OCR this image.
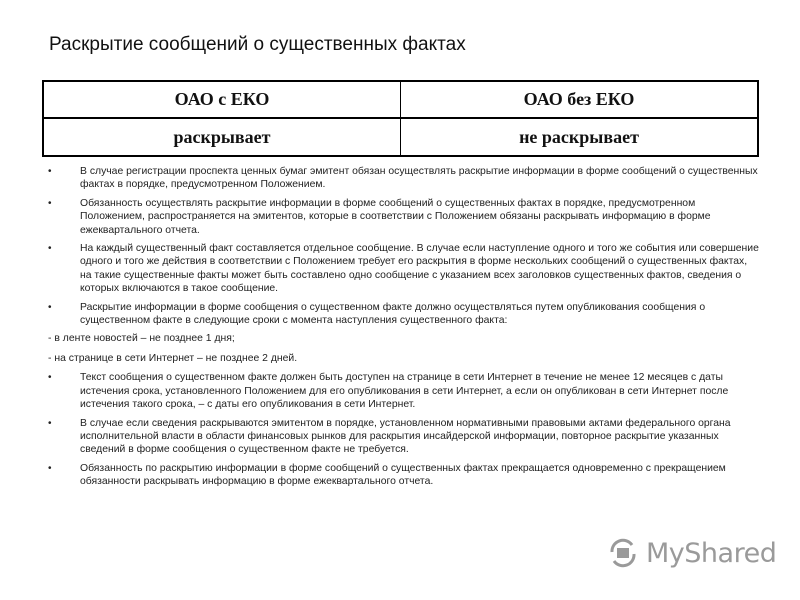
Раскрытие сообщений о существенных фактах
ОАО с ЕКО	ОАО без ЕКО
раскрывает	не раскрывает
•	В случае регистрации проспекта ценных бумаг эмитент обязан осуществлять раскрытие информации в форме сообщений о существенных фактах в порядке, предусмотренном Положением.
•	Обязанность осуществлять раскрытие информации в форме сообщений о существенных фактах в порядке, предусмотренном Положением, распространяется на эмитентов, которые в соответствии с Положением обязаны раскрывать информацию в форме ежеквартального отчета.
•	На каждый существенный факт составляется отдельное сообщение. В случае если наступление одного и того же события или совершение одного и того же действия в соответствии с Положением требует его раскрытия в форме нескольких сообщений о существенных фактах, на такие существенные факты может быть составлено одно сообщение с указанием всех заголовков существенных фактов, сведения о которых включаются в такое сообщение.
•	Раскрытие информации в форме сообщения о существенном факте должно осуществляться путем опубликования сообщения о существенном факте в следующие сроки с момента наступления существенного факта:
- в ленте новостей – не позднее 1 дня;
- на странице в сети Интернет – не позднее 2 дней.
•	Текст сообщения о существенном факте должен быть доступен на странице в сети Интернет в течение не менее 12 месяцев с даты истечения срока, установленного Положением для его опубликования в сети Интернет, а если он опубликован в сети Интернет после истечения такого срока, – с даты его опубликования в сети Интернет.
•	В случае если сведения раскрываются эмитентом в порядке, установленном нормативными правовыми актами федерального органа исполнительной власти в области финансовых рынков для раскрытия инсайдерской информации, повторное раскрытие указанных сведений в форме сообщения о существенном факте не требуется.
•	Обязанность по раскрытию информации в форме сообщений о существенных фактах прекращается одновременно с прекращением обязанности раскрывать информацию в форме ежеквартального отчета.
MyShared
